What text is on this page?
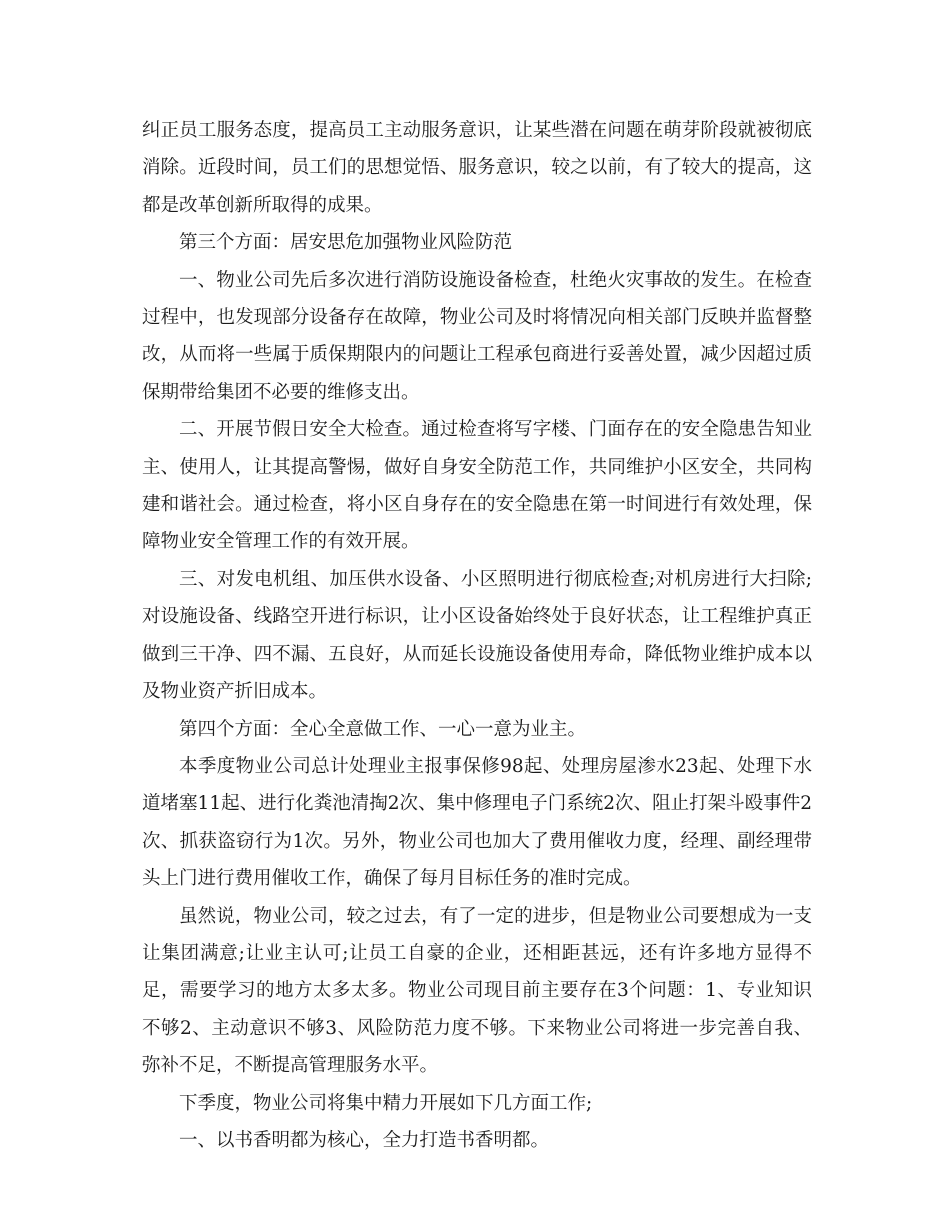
纠正员工服务态度，提高员工主动服务意识，让某些潜在问题在萌芽阶段就被彻底消除。近段时间，员工们的思想觉悟、服务意识，较之以前，有了较大的提高，这都是改革创新所取得的成果。

第三个方面：居安思危加强物业风险防范

一、物业公司先后多次进行消防设施设备检查，杜绝火灾事故的发生。在检查过程中，也发现部分设备存在故障，物业公司及时将情况向相关部门反映并监督整改，从而将一些属于质保期限内的问题让工程承包商进行妥善处置，减少因超过质保期带给集团不必要的维修支出。

二、开展节假日安全大检查。通过检查将写字楼、门面存在的安全隐患告知业主、使用人，让其提高警惕，做好自身安全防范工作，共同维护小区安全，共同构建和谐社会。通过检查，将小区自身存在的安全隐患在第一时间进行有效处理，保障物业安全管理工作的有效开展。

三、对发电机组、加压供水设备、小区照明进行彻底检查;对机房进行大扫除;对设施设备、线路空开进行标识，让小区设备始终处于良好状态，让工程维护真正做到三干净、四不漏、五良好，从而延长设施设备使用寿命，降低物业维护成本以及物业资产折旧成本。

第四个方面：全心全意做工作、一心一意为业主。

本季度物业公司总计处理业主报事保修98起、处理房屋渗水23起、处理下水道堵塞11起、进行化粪池清掏2次、集中修理电子门系统2次、阻止打架斗殴事件2次、抓获盗窃行为1次。另外，物业公司也加大了费用催收力度，经理、副经理带头上门进行费用催收工作，确保了每月目标任务的准时完成。

虽然说，物业公司，较之过去，有了一定的进步，但是物业公司要想成为一支让集团满意;让业主认可;让员工自豪的企业，还相距甚远，还有许多地方显得不足，需要学习的地方太多太多。物业公司现目前主要存在3个问题：1、专业知识不够2、主动意识不够3、风险防范力度不够。下来物业公司将进一步完善自我、弥补不足，不断提高管理服务水平。

下季度，物业公司将集中精力开展如下几方面工作;

一、以书香明都为核心，全力打造书香明都。
